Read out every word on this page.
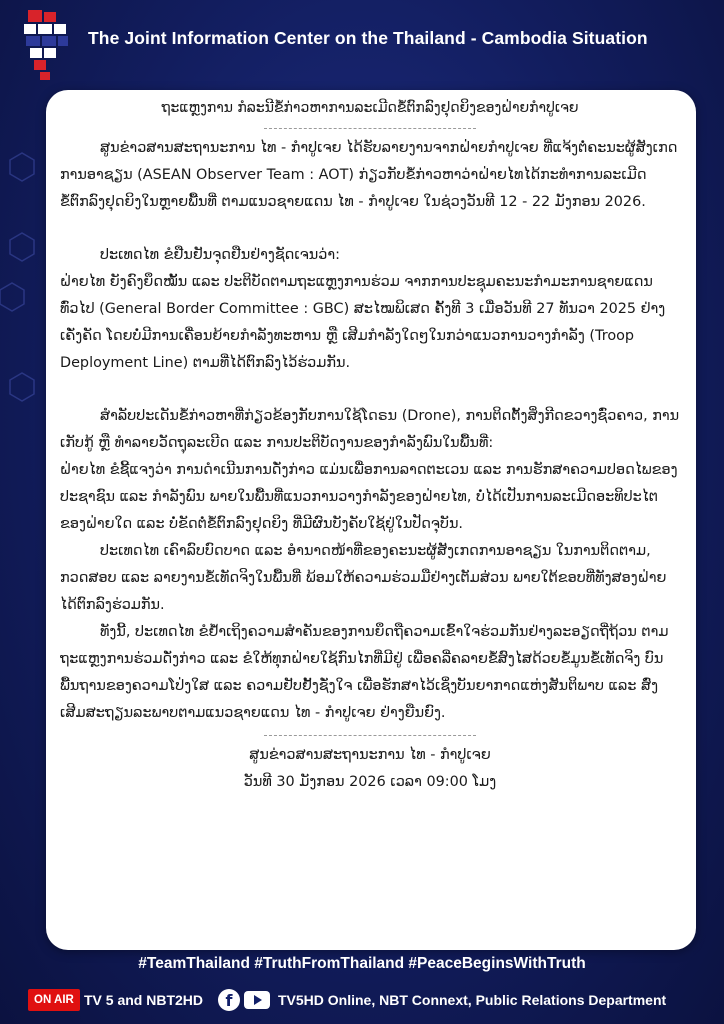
The Joint Information Center on the Thailand - Cambodia Situation
ຖະແຫຼງການ ກໍລະນີຂໍ້ກ່າວຫາການລະເມີດຂໍ້ຕົກລົງຢຸດຍິງຂອງຝ່າຍກຳປູເຈຍ

ສູນຂ່າວສານສະຖານະການ ໄທ - ກຳປູເຈຍ ໄດ້ຮັບລາຍງານຈາກຝ່າຍກຳປູເຈຍ ທີ່ແຈ້ງຕໍ່ຄະນະຜູ້ສັງເກດການອາຊຽນ (ASEAN Observer Team : AOT) ກ່ຽວກັບຂໍ້ກ່າວຫາວ່າຝ່າຍໄທໄດ້ກະທຳການລະເມີດຂໍ້ຕົກລົງຢຸດຍິງໃນຫຼາຍພື້ນທີ່ ຕາມແນວຊາຍແດນ ໄທ - ກຳປູເຈຍ ໃນຊ່ວງວັນທີ 12 - 22 ມັງກອນ 2026.

ປະເທດໄທ ຂໍຢືນຢັນຈຸດຢືນຢ່າງຊັດເຈນວ່າ:

ຝ່າຍໄທ ຍັງຄົງຍຶດໝັ້ນ ແລະ ປະຕິບັດຕາມຖະແຫຼງການຮ່ວມ ຈາກການປະຊຸມຄະນະກຳມະການຊາຍແດນທົ່ວໄປ (General Border Committee : GBC) ສະໄໝພິເສດ ຄັ້ງທີ 3 ເມື່ອວັນທີ 27 ທັນວາ 2025 ຢ່າງເຄັ່ງຄັດ ໂດຍບໍ່ມີການເຄື່ອນຍ້າຍກຳລັງທະຫານ ຫຼື ເສີມກຳລັງໃດໆໃນກວ່າແນວການວາງກຳລັງ (Troop Deployment Line) ຕາມທີ່ໄດ້ຕົກລົງໄວ້ຮ່ວມກັນ.

ສຳລັບປະເດັນຂໍ້ກ່າວຫາທີ່ກ່ຽວຂ້ອງກັບການໃຊ້ໂດຣນ (Drone), ການຕິດຕັ້ງສິ່ງກີດຂວາງຊົ່ວຄາວ, ການເກັບກູ້ ຫຼື ທຳລາຍວັດຖຸລະເບີດ ແລະ ການປະຕິບັດງານຂອງກຳລັງພົນໃນພື້ນທີ່:

ຝ່າຍໄທ ຂໍຊີ້ແຈງວ່າ ການດຳເນີນການດັ່ງກ່າວ ແມ່ນເພື່ອການລາດຕະເວນ ແລະ ການຮັກສາຄວາມປອດໄພຂອງປະຊາຊົນ ແລະ ກຳລັງພົນ ພາຍໃນພື້ນທີ່ແນວການວາງກຳລັງຂອງຝ່າຍໄທ, ບໍ່ໄດ້ເປັນການລະເມີດອະທິປະໄຕຂອງຝ່າຍໃດ ແລະ ບໍ່ຂັດຕໍ່ຂໍ້ຕົກລົງຢຸດຍິງ ທີ່ມີຜົນບັງຄັບໃຊ້ຢູ່ໃນປັດຈຸບັນ.

ປະເທດໄທ ເຄົາລົບບົດບາດ ແລະ ອຳນາດໜ້າທີ່ຂອງຄະນະຜູ້ສັງເກດການອາຊຽນ ໃນການຕິດຕາມ, ກວດສອບ ແລະ ລາຍງານຂໍ້ເທັດຈິງໃນພື້ນທີ່ ພ້ອມໃຫ້ຄວາມຮ່ວມມືຢ່າງເຕັມສ່ວນ ພາຍໃຕ້ຂອບທີ່ທັງສອງຝ່າຍໄດ້ຕົກລົງຮ່ວມກັນ.

ທັງນີ້, ປະເທດໄທ ຂໍຢ້ຳເຖິງຄວາມສຳຄັນຂອງການຍຶດຖືຄວາມເຂົ້າໃຈຮ່ວມກັນຢ່າງລະອຽດຖີ່ຖ້ວນ ຕາມຖະແຫຼງການຮ່ວມດັ່ງກ່າວ ແລະ ຂໍໃຫ້ທຸກຝ່າຍໃຊ້ກົນໄກທີ່ມີຢູ່ ເພື່ອຄລີ່ຄລາຍຂໍ້ສົງໄສດ້ວຍຂໍ້ມູນຂໍ້ເທັດຈິງ ບົນພື້ນຖານຂອງຄວາມໂປ່ງໃສ ແລະ ຄວາມຢັບຢັ້ງຊັ່ງໃຈ ເພື່ອຮັກສາໄວ້ເຊິ່ງບັນຍາກາດແຫ່ງສັນຕິພາບ ແລະ ສົ່ງເສີມສະຖຽນລະພາບຕາມແນວຊາຍແດນ ໄທ - ກຳປູເຈຍ ຢ່າງຍືນຍົງ.

ສູນຂ່າວສານສະຖານະການ ໄທ - ກຳປູເຈຍ
ວັນທີ 30 ມັງກອນ 2026 ເວລາ 09:00 ໂມງ
#TeamThailand #TruthFromThailand #PeaceBeginsWithTruth
ON AIR TV 5 and NBT2HD	f	TV5HD Online, NBT Connext, Public Relations Department
